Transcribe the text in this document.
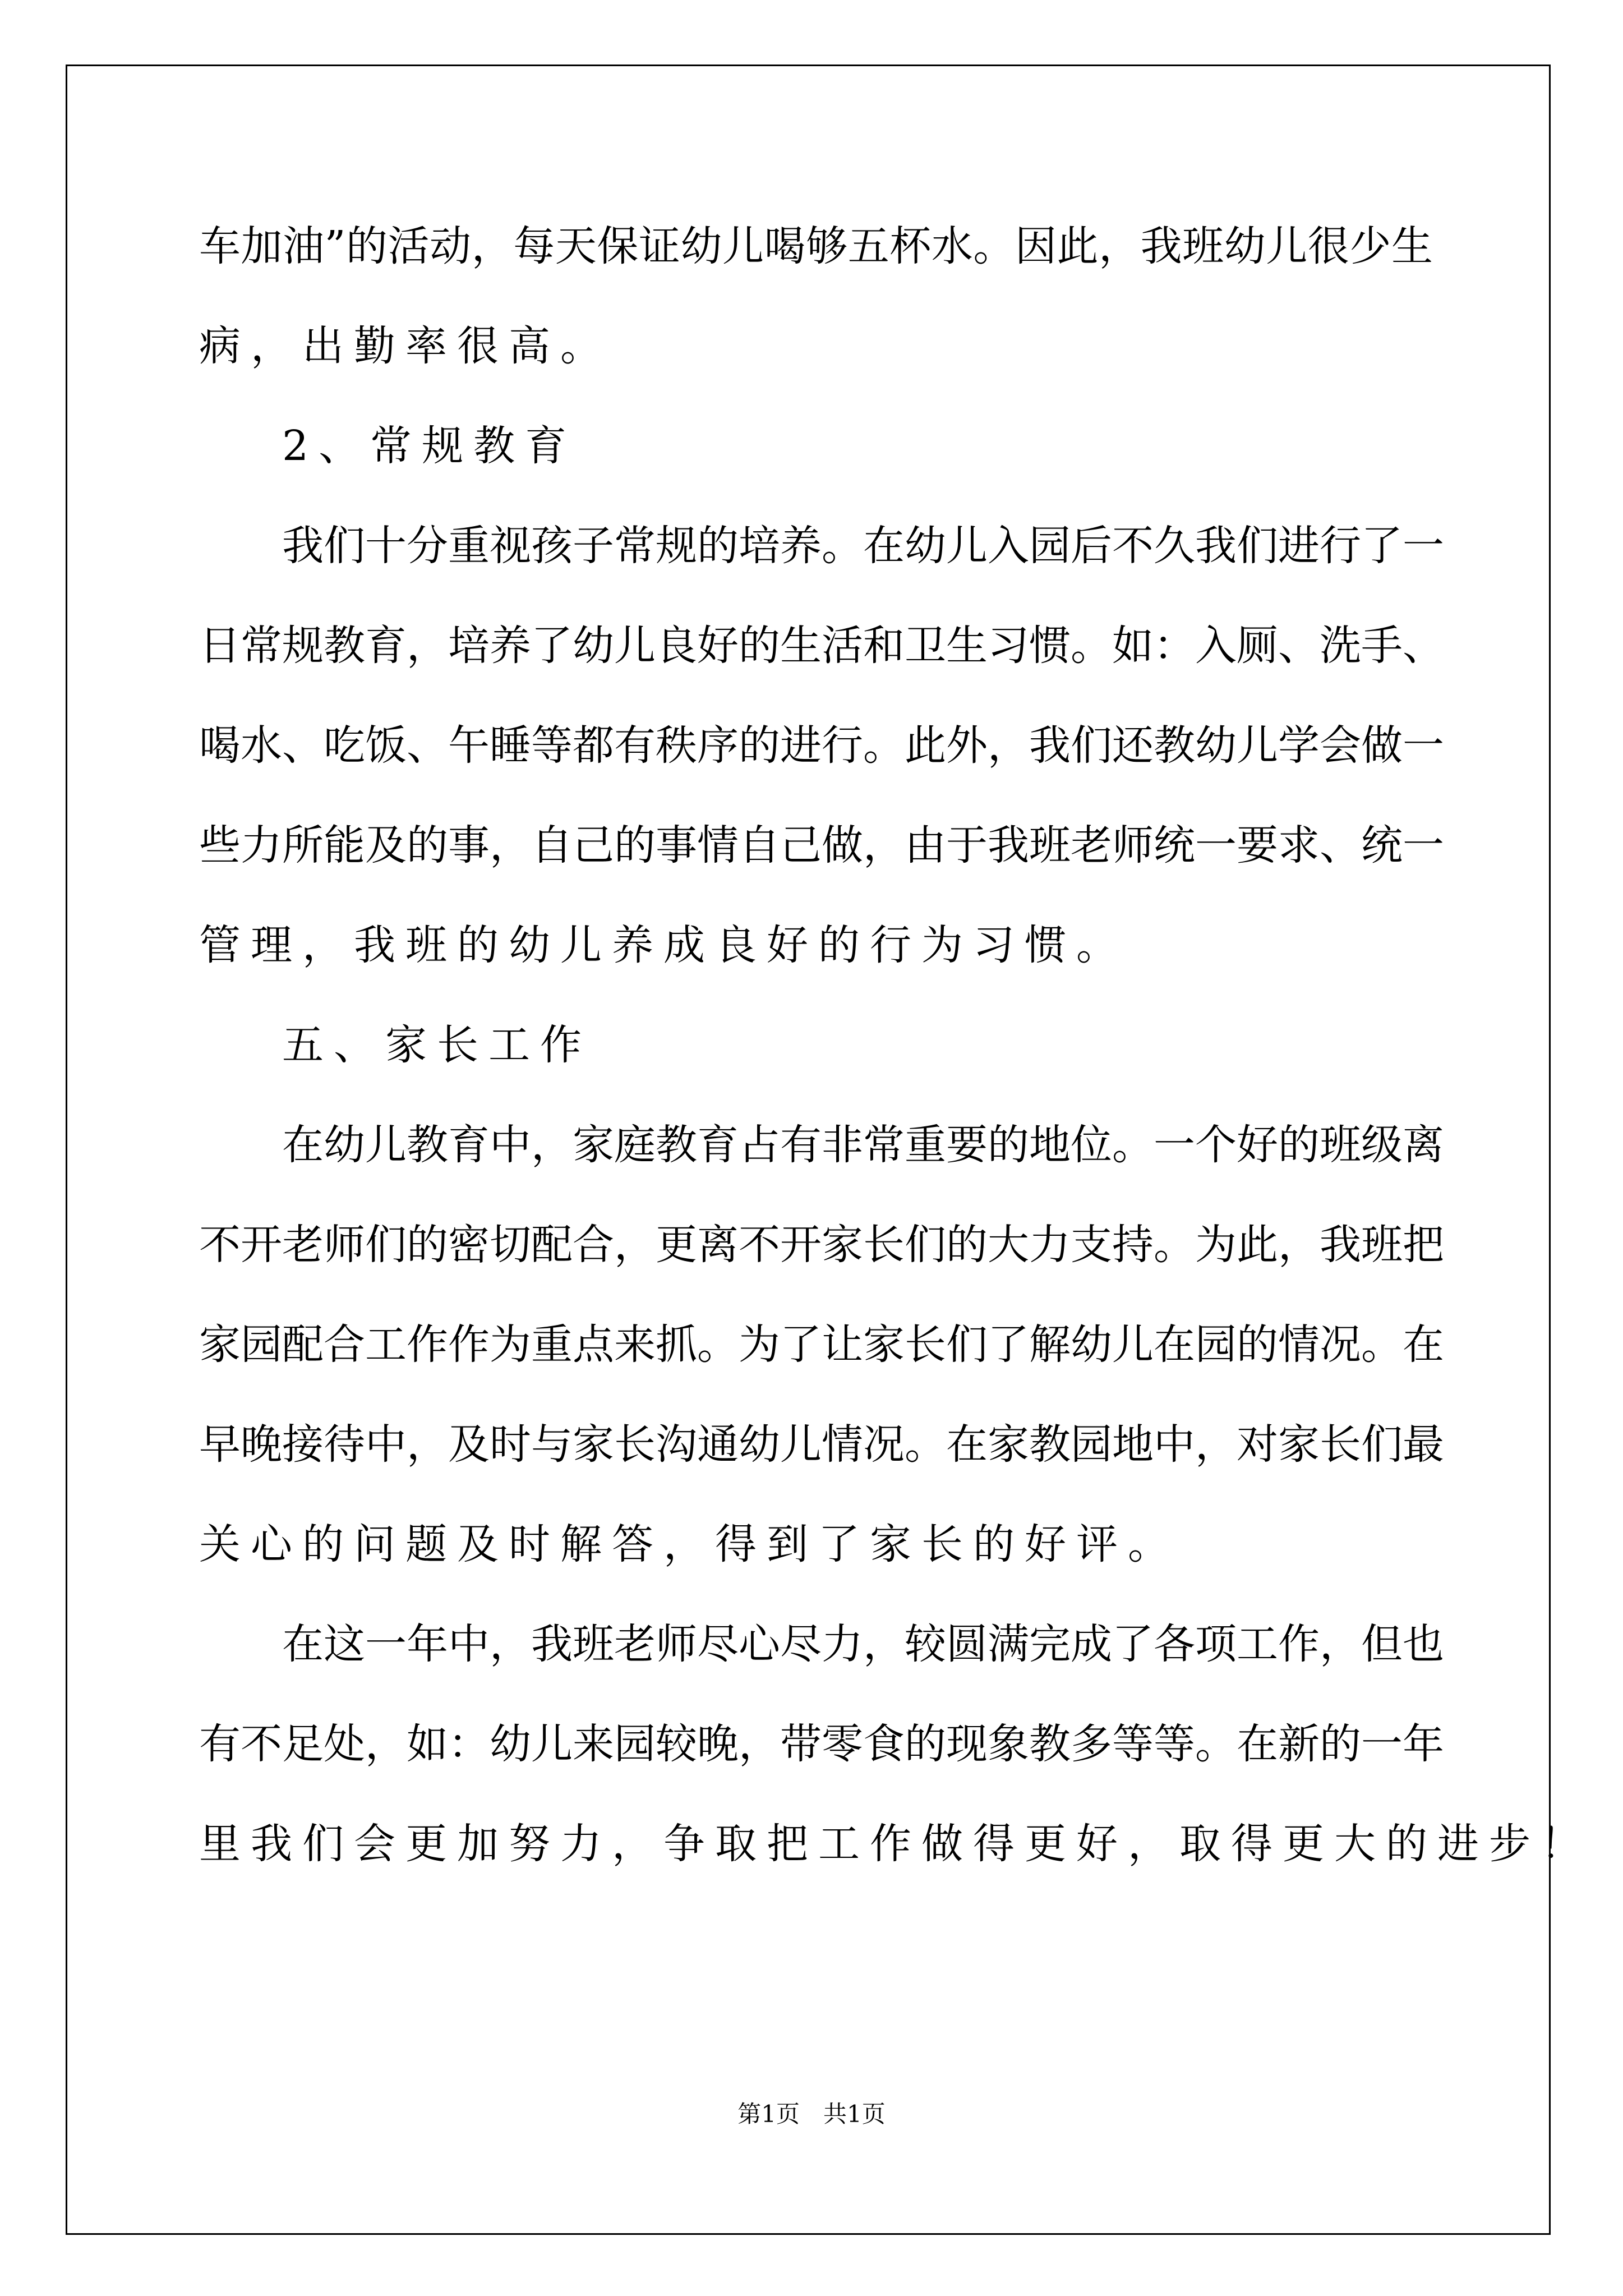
车加油”的活动，每天保证幼儿喝够五杯水。因此，我班幼儿很少生
病，出勤率很高。
2、常规教育
我们十分重视孩子常规的培养。在幼儿入园后不久我们进行了一
日常规教育，培养了幼儿良好的生活和卫生习惯。如：入厕、洗手、
喝水、吃饭、午睡等都有秩序的进行。此外，我们还教幼儿学会做一
些力所能及的事，自己的事情自己做，由于我班老师统一要求、统一
管理，我班的幼儿养成良好的行为习惯。
五、家长工作
在幼儿教育中，家庭教育占有非常重要的地位。一个好的班级离
不开老师们的密切配合，更离不开家长们的大力支持。为此，我班把
家园配合工作作为重点来抓。为了让家长们了解幼儿在园的情况。在
早晚接待中，及时与家长沟通幼儿情况。在家教园地中，对家长们最
关心的问题及时解答，得到了家长的好评。
在这一年中，我班老师尽心尽力，较圆满完成了各项工作，但也
有不足处，如：幼儿来园较晚，带零食的现象教多等等。在新的一年
里我们会更加努力，争取把工作做得更好，取得更大的进步！
第1页　共1页
